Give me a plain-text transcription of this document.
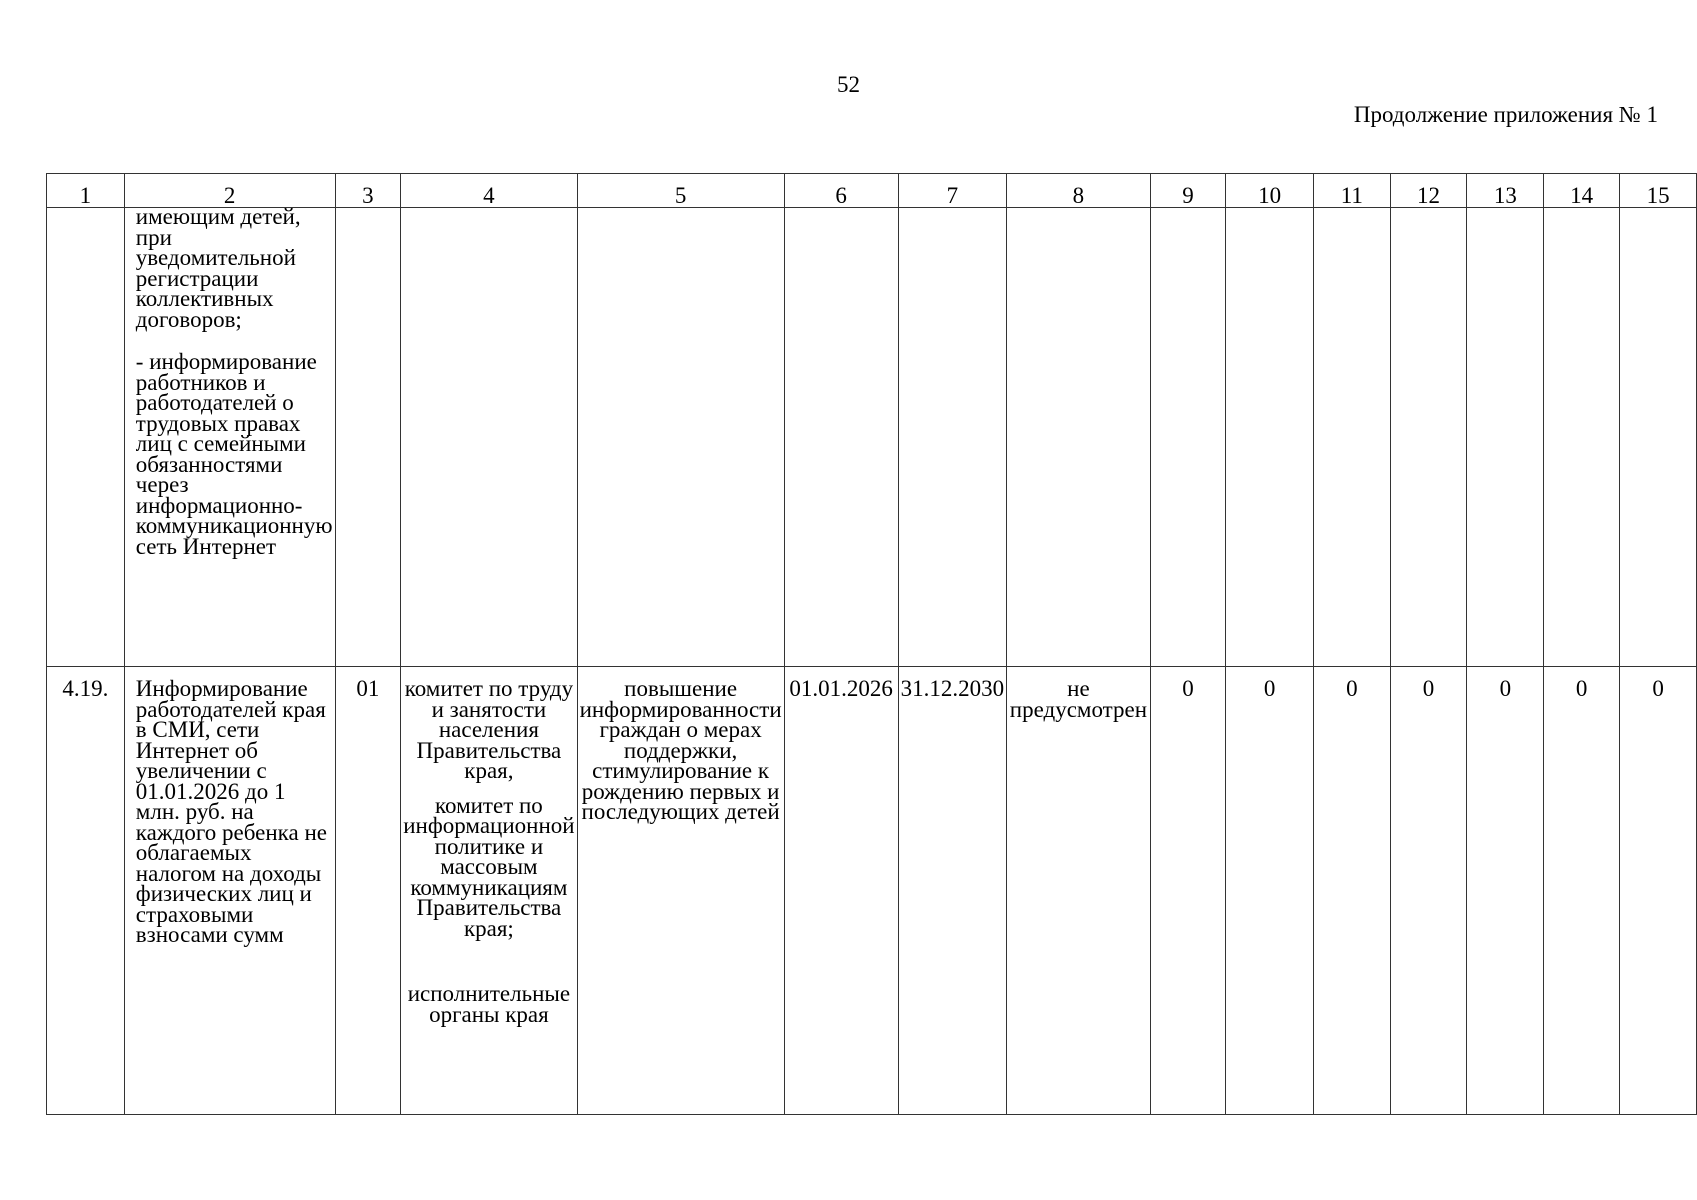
52
Продолжение приложения № 1
1	2	3	4	5	6	7	8	9	10	11	12	13	14	15

	имеющим детей, при уведомительной регистрации коллективных договоров;
- информирование работников и работодателей о трудовых правах лиц с семейными обязанностями через информационно-коммуникационную сеть Интернет													

4.19.	Информирование работодателей края в СМИ, сети Интернет об увеличении с 01.01.2026 до 1 млн. руб. на каждого ребенка не облагаемых налогом на доходы физических лиц и страховыми взносами сумм	01	комитет по труду и занятости населения Правительства края,

комитет по информационной политике и массовым коммуникациям Правительства края;

исполнительные органы края	повышение информированности граждан о мерах поддержки, стимулирование к рождению первых и последующих детей	01.01.2026	31.12.2030	не предусмотрен	0	0	0	0	0	0	0
